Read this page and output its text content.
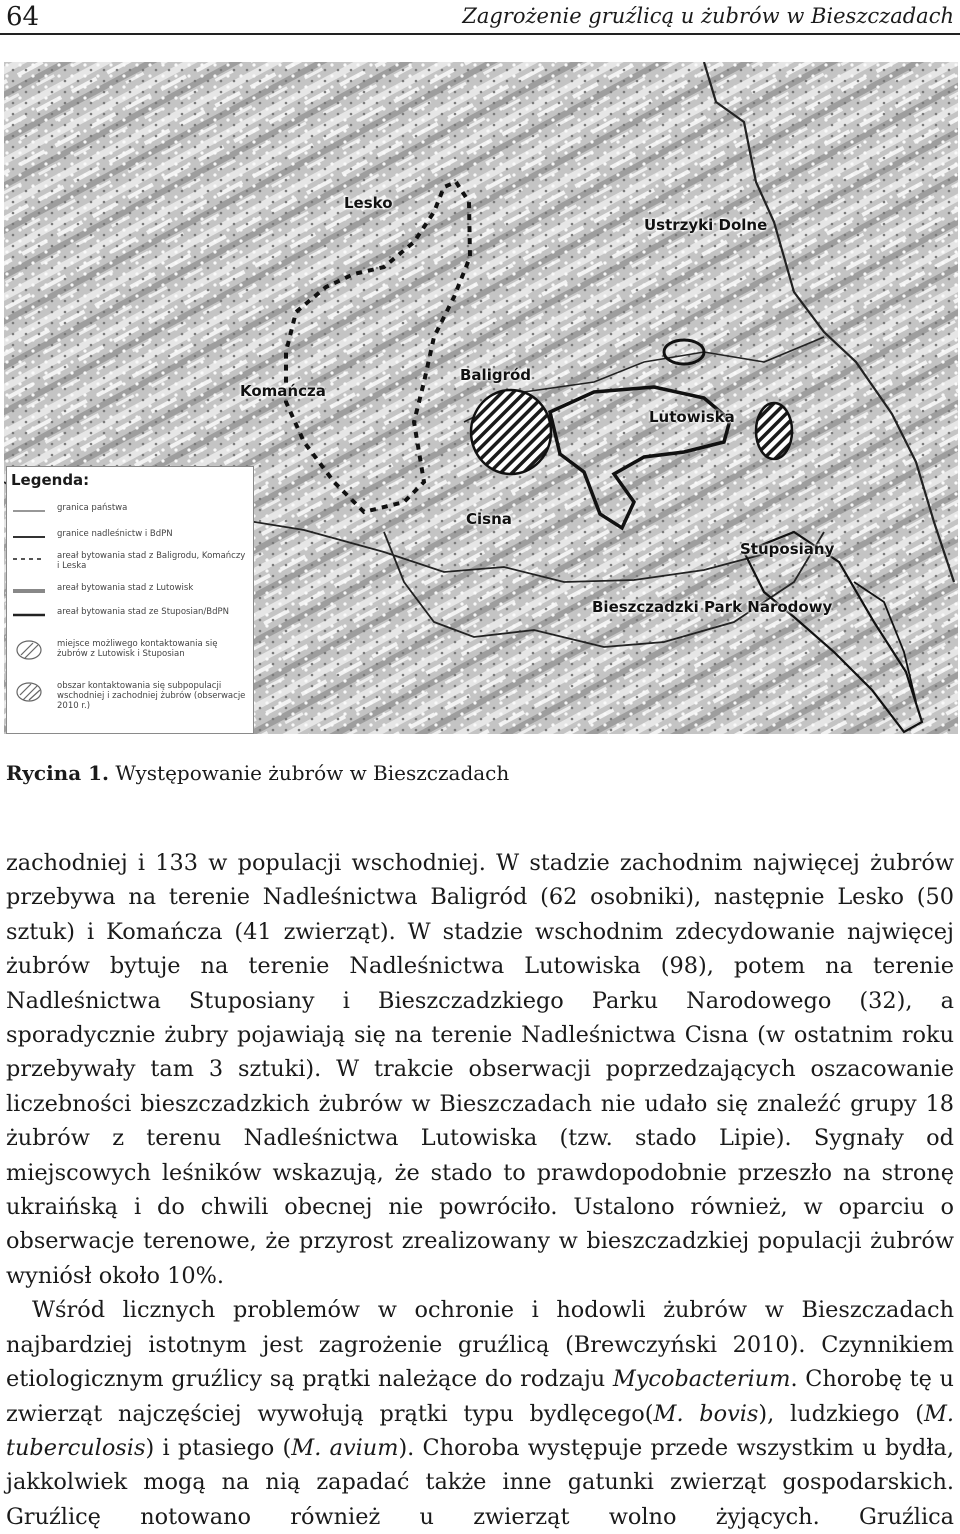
64	Zagrożenie gruźlicą u żubrów w Bieszczadach
Lesko
Ustrzyki Dolne
Komańcza
Baligród
Lutowiska
Cisna
Stuposiany
Bieszczadzki Park Narodowy
Legenda:
granica państwa
granice nadleśnictw i BdPN
areał bytowania stad z Baligrodu, Komańczy i Leska
areał bytowania stad z Lutowisk
areał bytowania stad ze Stuposian/BdPN
miejsce możliwego kontaktowania się żubrów z Lutowisk i Stuposian
obszar kontaktowania się subpopulacji wschodniej i zachodniej żubrów (obserwacje 2010 r.)
Rycina 1. Występowanie żubrów w Bieszczadach

zachodniej i 133 w populacji wschodniej. W stadzie zachodnim najwięcej żubrów przebywa na terenie Nadleśnictwa Baligród (62 osobniki), następnie Lesko (50 sztuk) i Komańcza (41 zwierząt). W stadzie wschodnim zdecydowanie najwięcej żubrów bytuje na terenie Nadleśnictwa Lutowiska (98), potem na terenie Nadleśnictwa Stuposiany i Bieszczadzkiego Parku Narodowego (32), a sporadycznie żubry pojawiają się na terenie Nadleśnictwa Cisna (w ostatnim roku przebywały tam 3 sztuki). W trakcie obserwacji poprzedzających oszacowanie liczebności bieszczadzkich żubrów w Bieszczadach nie udało się znaleźć grupy 18 żubrów z terenu Nadleśnictwa Lutowiska (tzw. stado Lipie). Sygnały od miejscowych leśników wskazują, że stado to prawdopodobnie przeszło na stronę ukraińską i do chwili obecnej nie powróciło. Ustalono również, w oparciu o obserwacje terenowe, że przyrost zrealizowany w bieszczadzkiej populacji żubrów wyniósł około 10%.

Wśród licznych problemów w ochronie i hodowli żubrów w Bieszczadach najbardziej istotnym jest zagrożenie gruźlicą (Brewczyński 2010). Czynnikiem etiologicznym gruźlicy są prątki należące do rodzaju Mycobacterium. Chorobę tę u zwierząt najczęściej wywołują prątki typu bydlęcego(M. bovis), ludzkiego (M. tuberculosis) i ptasiego (M. avium). Choroba występuje przede wszystkim u bydła, jakkolwiek mogą na nią zapadać także inne gatunki zwierząt gospodarskich. Gruźlicę notowano również u zwierząt wolno żyjących. Gruźlica
